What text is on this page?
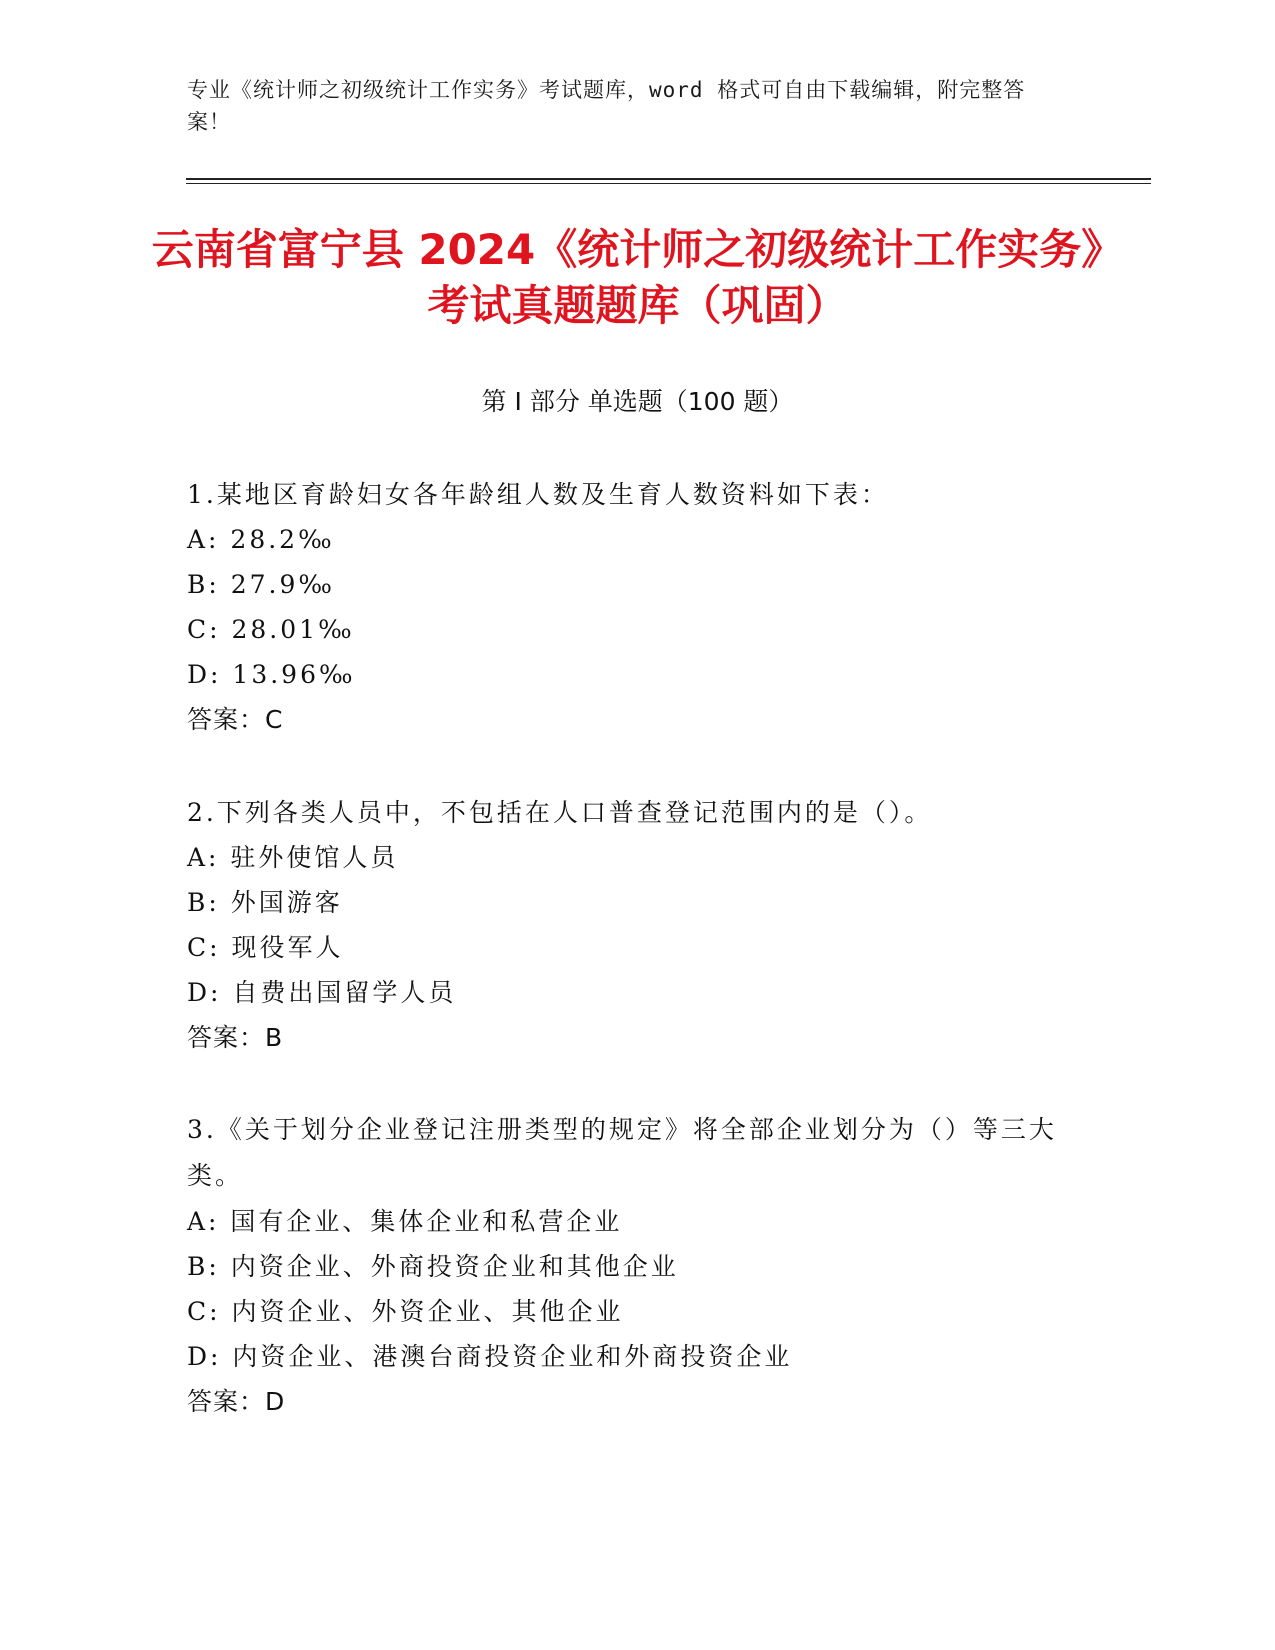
专业《统计师之初级统计工作实务》考试题库，word 格式可自由下载编辑，附完整答案！
云南省富宁县 2024《统计师之初级统计工作实务》考试真题题库（巩固）
第 I 部分 单选题（100 题）

1.某地区育龄妇女各年龄组人数及生育人数资料如下表：

A: 28.2‰

B: 27.9‰

C: 28.01‰

D: 13.96‰

答案：C

2.下列各类人员中，不包括在人口普查登记范围内的是（）。

A: 驻外使馆人员

B: 外国游客

C: 现役军人

D: 自费出国留学人员

答案：B

3.《关于划分企业登记注册类型的规定》将全部企业划分为（）等三大类。

A: 国有企业、集体企业和私营企业

B: 内资企业、外商投资企业和其他企业

C: 内资企业、外资企业、其他企业

D: 内资企业、港澳台商投资企业和外商投资企业

答案：D
